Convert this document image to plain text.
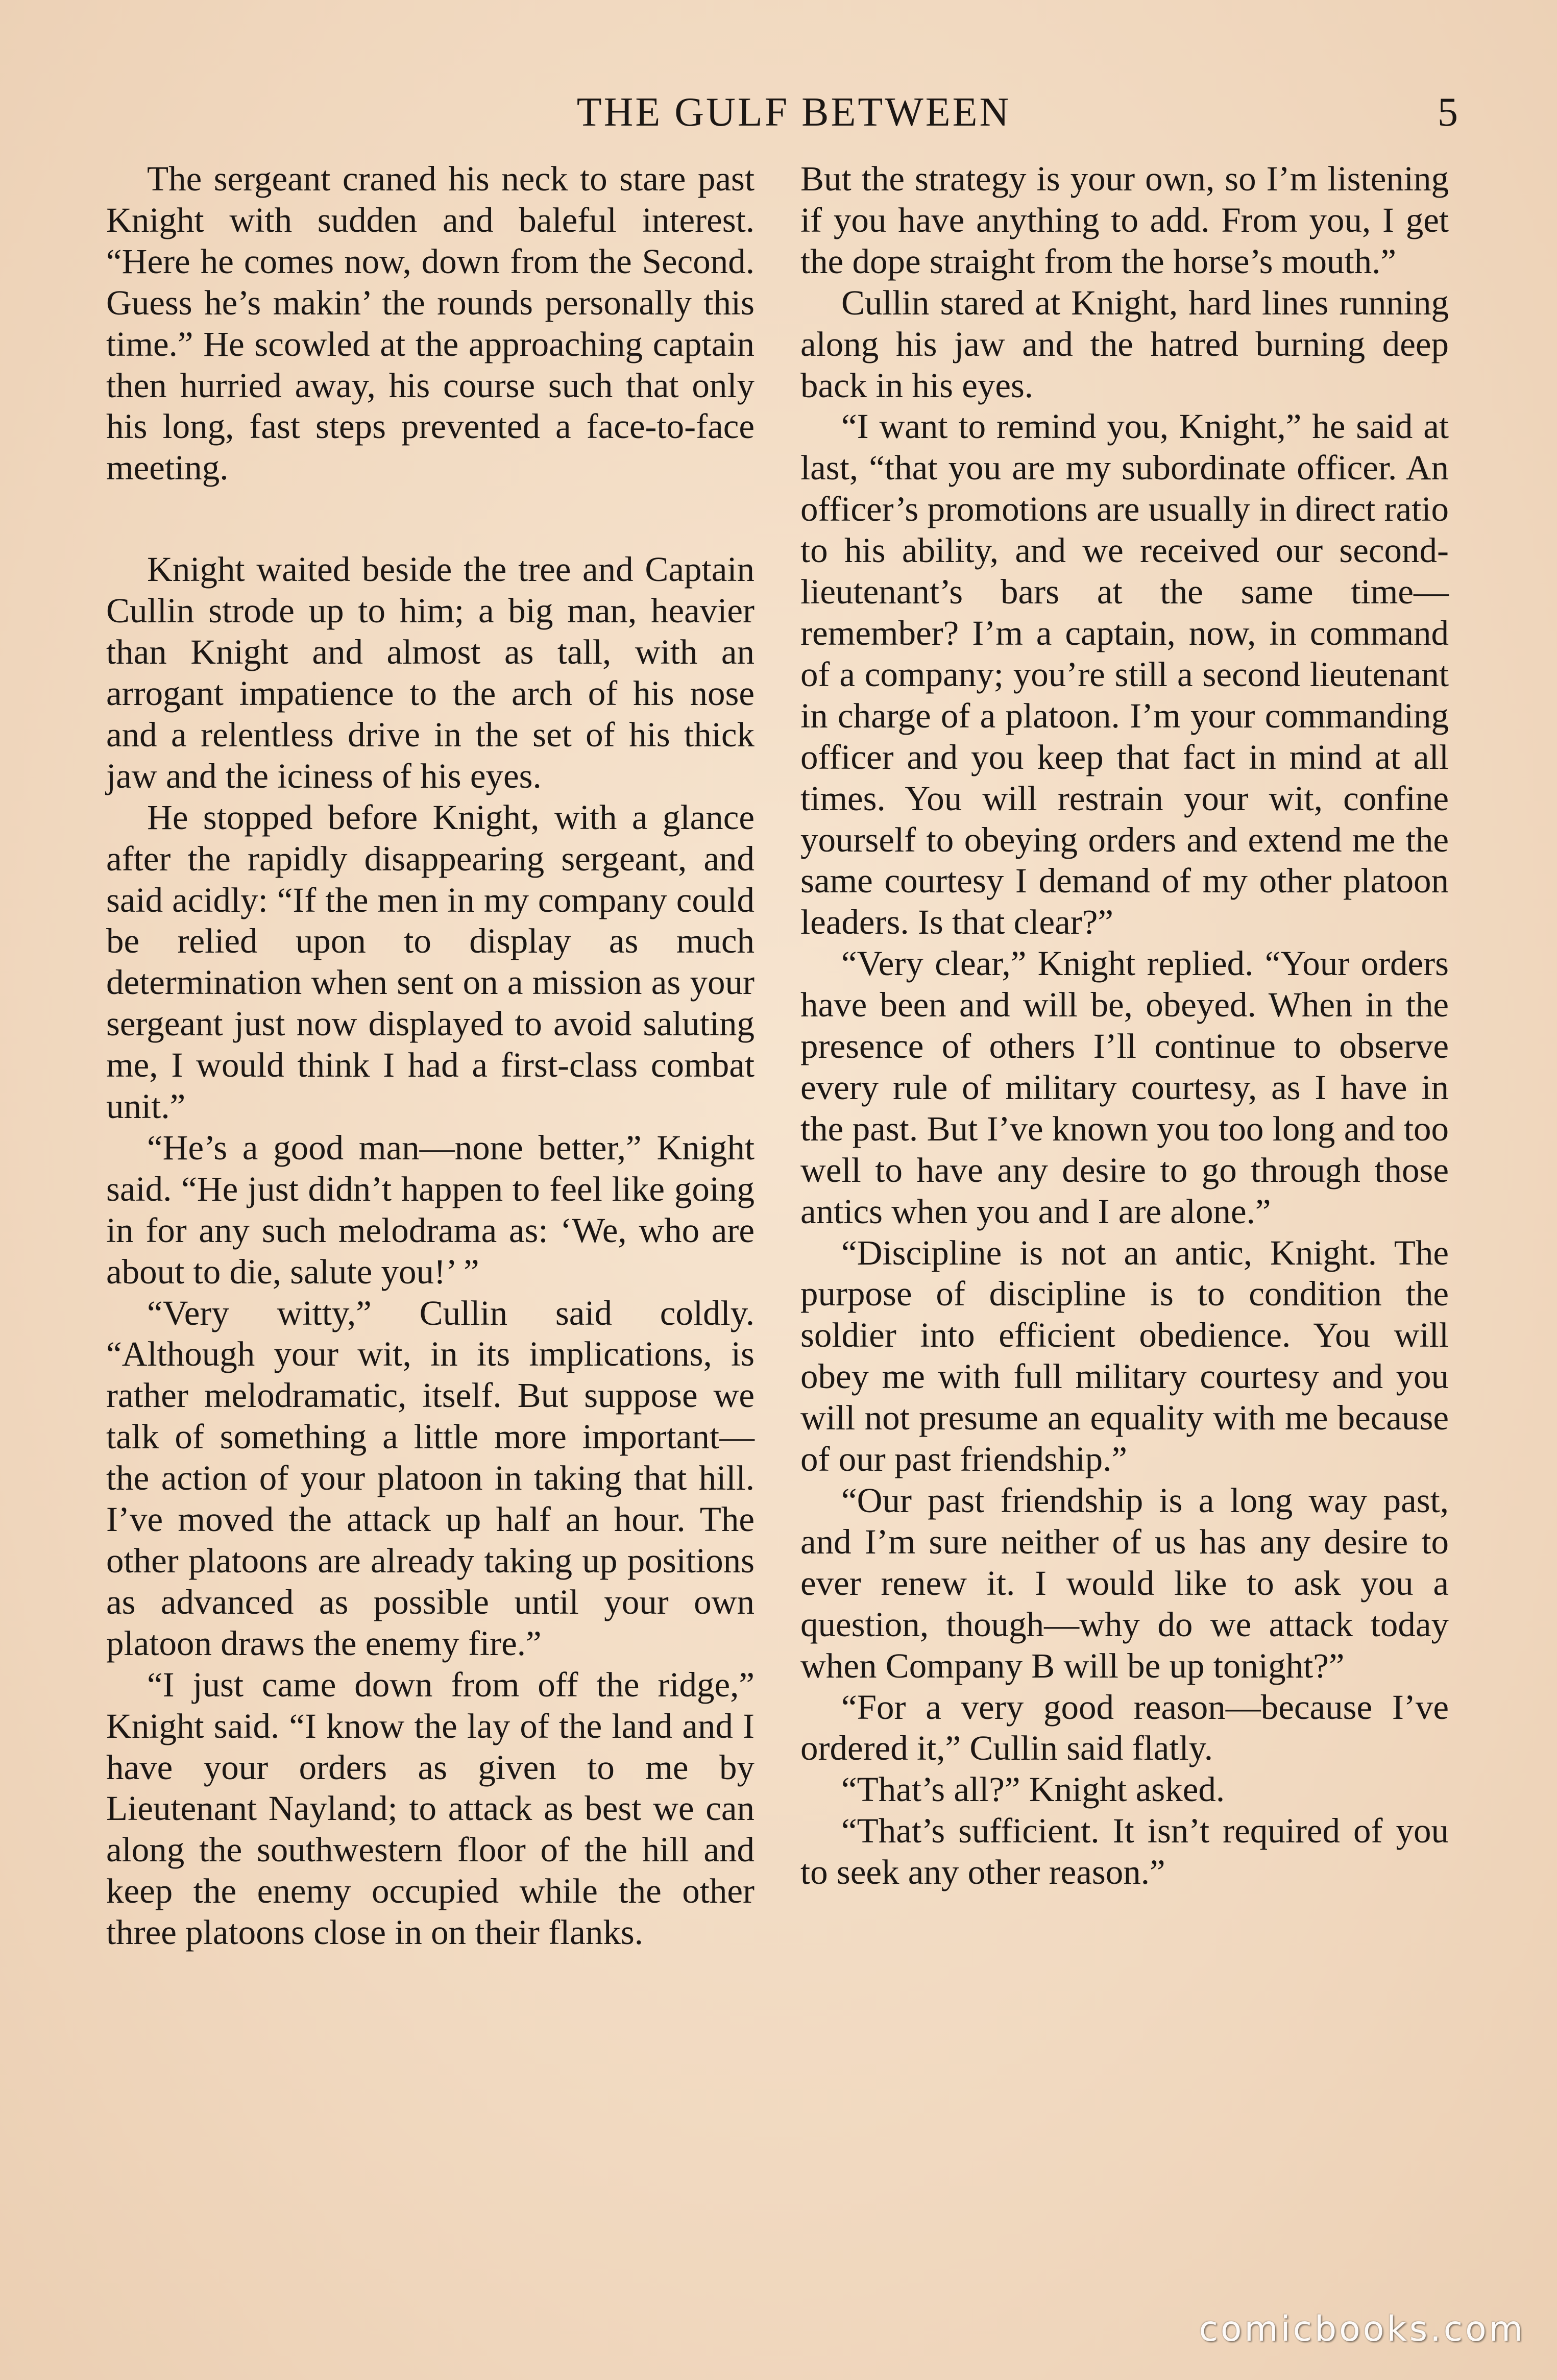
THE GULF BETWEEN	5

The sergeant craned his neck to stare past Knight with sudden and baleful interest. “Here he comes now, down from the Second. Guess he’s makin’ the rounds personally this time.” He scowled at the approaching captain then hurried away, his course such that only his long, fast steps prevented a face-to-face meeting.

Knight waited beside the tree and Captain Cullin strode up to him; a big man, heavier than Knight and almost as tall, with an arrogant impatience to the arch of his nose and a relentless drive in the set of his thick jaw and the iciness of his eyes.

He stopped before Knight, with a glance after the rapidly disappearing sergeant, and said acidly: “If the men in my company could be relied upon to display as much determination when sent on a mission as your sergeant just now displayed to avoid saluting me, I would think I had a first-class combat unit.”

“He’s a good man—none better,” Knight said. “He just didn’t happen to feel like going in for any such melodrama as: ‘We, who are about to die, salute you!’ ”

“Very witty,” Cullin said coldly. “Although your wit, in its implications, is rather melodramatic, itself. But suppose we talk of something a little more important—the action of your platoon in taking that hill. I’ve moved the attack up half an hour. The other platoons are already taking up positions as advanced as possible until your own platoon draws the enemy fire.”

“I just came down from off the ridge,” Knight said. “I know the lay of the land and I have your orders as given to me by Lieutenant Nayland; to attack as best we can along the southwestern floor of the hill and keep the enemy occupied while the other three platoons close in on their flanks.

But the strategy is your own, so I’m listening if you have anything to add. From you, I get the dope straight from the horse’s mouth.”

Cullin stared at Knight, hard lines running along his jaw and the hatred burning deep back in his eyes.

“I want to remind you, Knight,” he said at last, “that you are my subordinate officer. An officer’s promotions are usually in direct ratio to his ability, and we received our second-lieutenant’s bars at the same time—remember? I’m a captain, now, in command of a company; you’re still a second lieutenant in charge of a platoon. I’m your commanding officer and you keep that fact in mind at all times. You will restrain your wit, confine yourself to obeying orders and extend me the same courtesy I demand of my other platoon leaders. Is that clear?”

“Very clear,” Knight replied. “Your orders have been and will be, obeyed. When in the presence of others I’ll continue to observe every rule of military courtesy, as I have in the past. But I’ve known you too long and too well to have any desire to go through those antics when you and I are alone.”

“Discipline is not an antic, Knight. The purpose of discipline is to condition the soldier into efficient obedience. You will obey me with full military courtesy and you will not presume an equality with me because of our past friendship.”

“Our past friendship is a long way past, and I’m sure neither of us has any desire to ever renew it. I would like to ask you a question, though—why do we attack today when Company B will be up tonight?”

“For a very good reason—because I’ve ordered it,” Cullin said flatly.

“That’s all?” Knight asked.

“That’s sufficient. It isn’t required of you to seek any other reason.”

comicbooks.com
